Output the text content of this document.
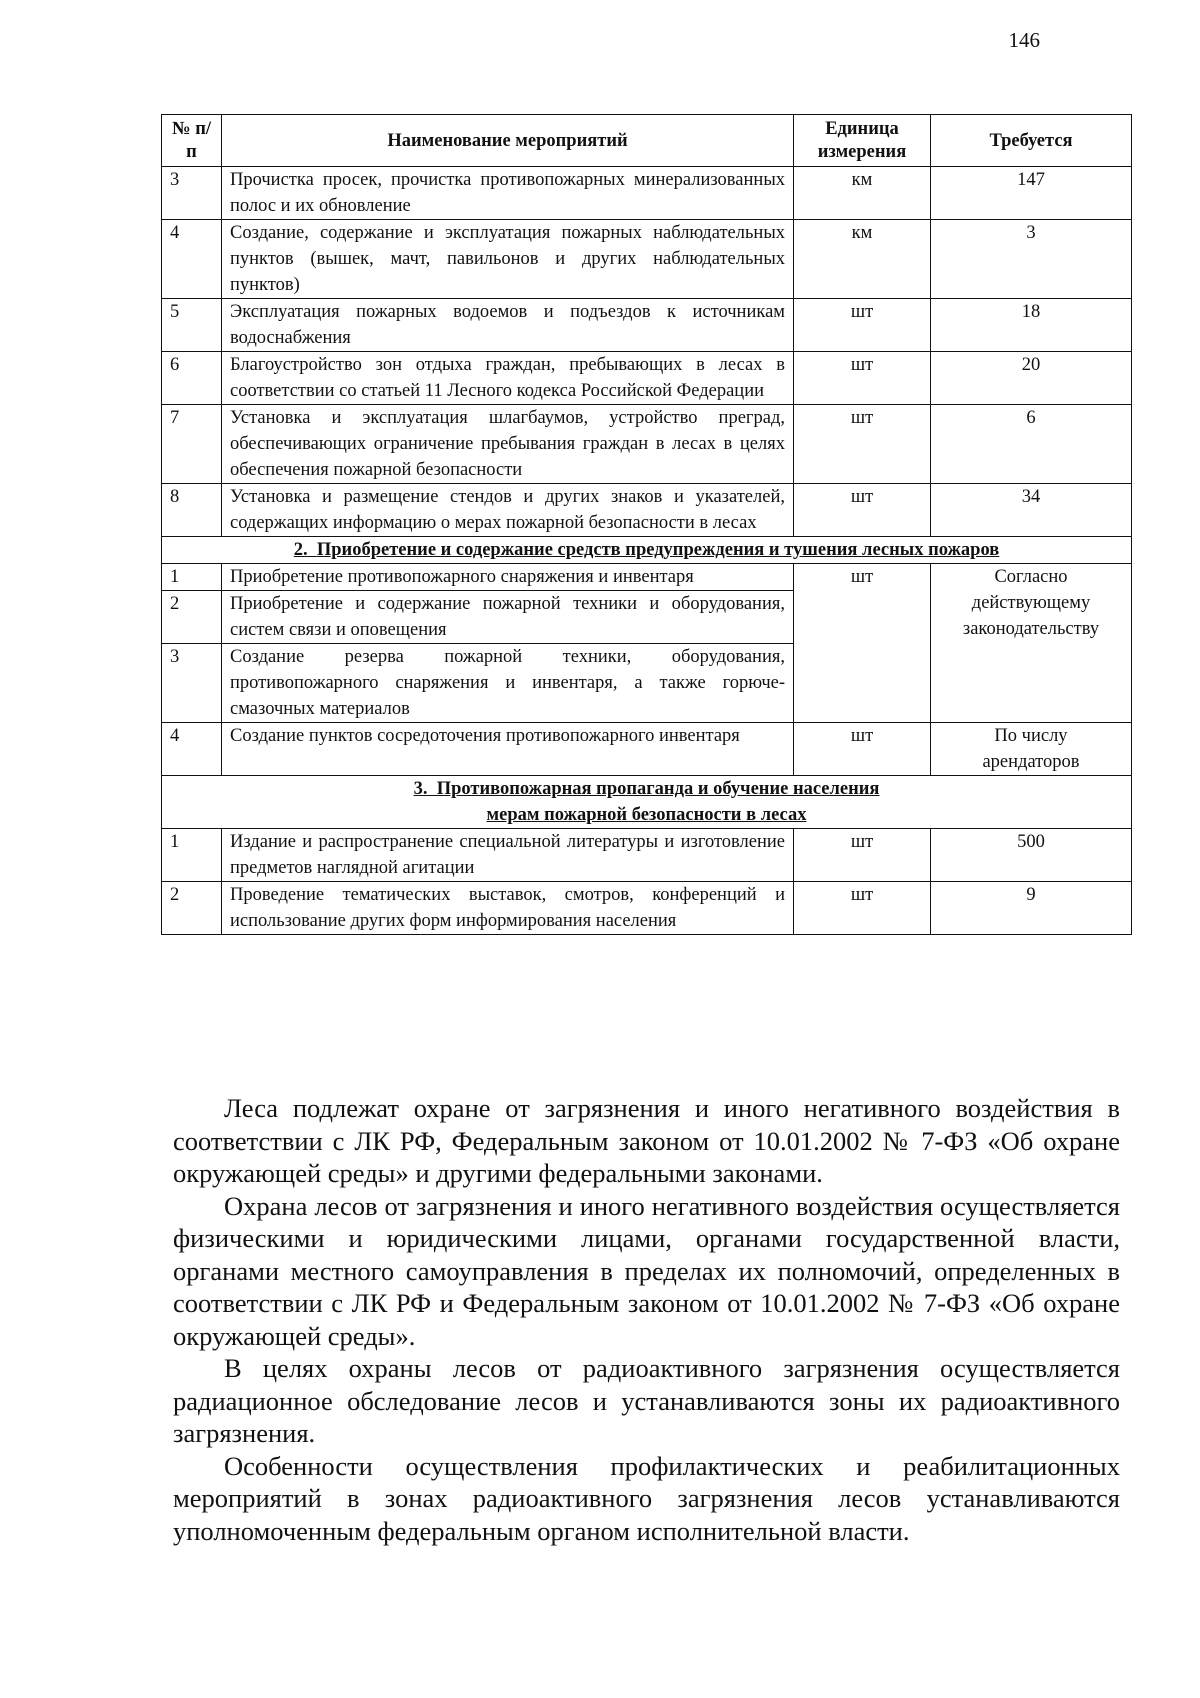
146
№ п/п	Наименование мероприятий	Единица измерения	Требуется
3	Прочистка просек, прочистка противопожарных минерализованных полос и их обновление	км	147
4	Создание, содержание и эксплуатация пожарных наблюдательных пунктов (вышек, мачт, павильонов и других наблюдательных пунктов)	км	3
5	Эксплуатация пожарных водоемов и подъездов к источникам водоснабжения	шт	18
6	Благоустройство зон отдыха граждан, пребывающих в лесах в соответствии со статьей 11 Лесного кодекса Российской Федерации	шт	20
7	Установка и эксплуатация шлагбаумов, устройство преград, обеспечивающих ограничение пребывания граждан в лесах в целях обеспечения пожарной безопасности	шт	6
8	Установка и размещение стендов и других знаков и указателей, содержащих информацию о мерах пожарной безопасности в лесах	шт	34
2. Приобретение и содержание средств предупреждения и тушения лесных пожаров			
1	Приобретение противопожарного снаряжения и инвентаря	шт	Согласно действующему законодательству
2	Приобретение и содержание пожарной техники и оборудования, систем связи и оповещения		
3	Создание резерва пожарной техники, оборудования, противопожарного снаряжения и инвентаря, а также горюче-смазочных материалов		
4	Создание пунктов сосредоточения противопожарного инвентаря	шт	По числу арендаторов

3. Противопожарная пропаганда и обучение населения
мерам пожарной безопасности в лесах			

1	Издание и распространение специальной литературы и изготовление предметов наглядной агитации	шт	500
2	Проведение тематических выставок, смотров, конференций и использование других форм информирования населения	шт	9

Леса подлежат охране от загрязнения и иного негативного воздействия в соответствии с ЛК РФ, Федеральным законом от 10.01.2002 № 7-ФЗ «Об охране окружающей среды» и другими федеральными законами.

Охрана лесов от загрязнения и иного негативного воздействия осуществляется физическими и юридическими лицами, органами государственной власти, органами местного самоуправления в пределах их полномочий, определенных в соответствии с ЛК РФ и Федеральным законом от 10.01.2002 № 7-ФЗ «Об охране окружающей среды».

В целях охраны лесов от радиоактивного загрязнения осуществляется радиационное обследование лесов и устанавливаются зоны их радиоактивного загрязнения.

Особенности осуществления профилактических и реабилитационных мероприятий в зонах радиоактивного загрязнения лесов устанавливаются уполномоченным федеральным органом исполнительной власти.
